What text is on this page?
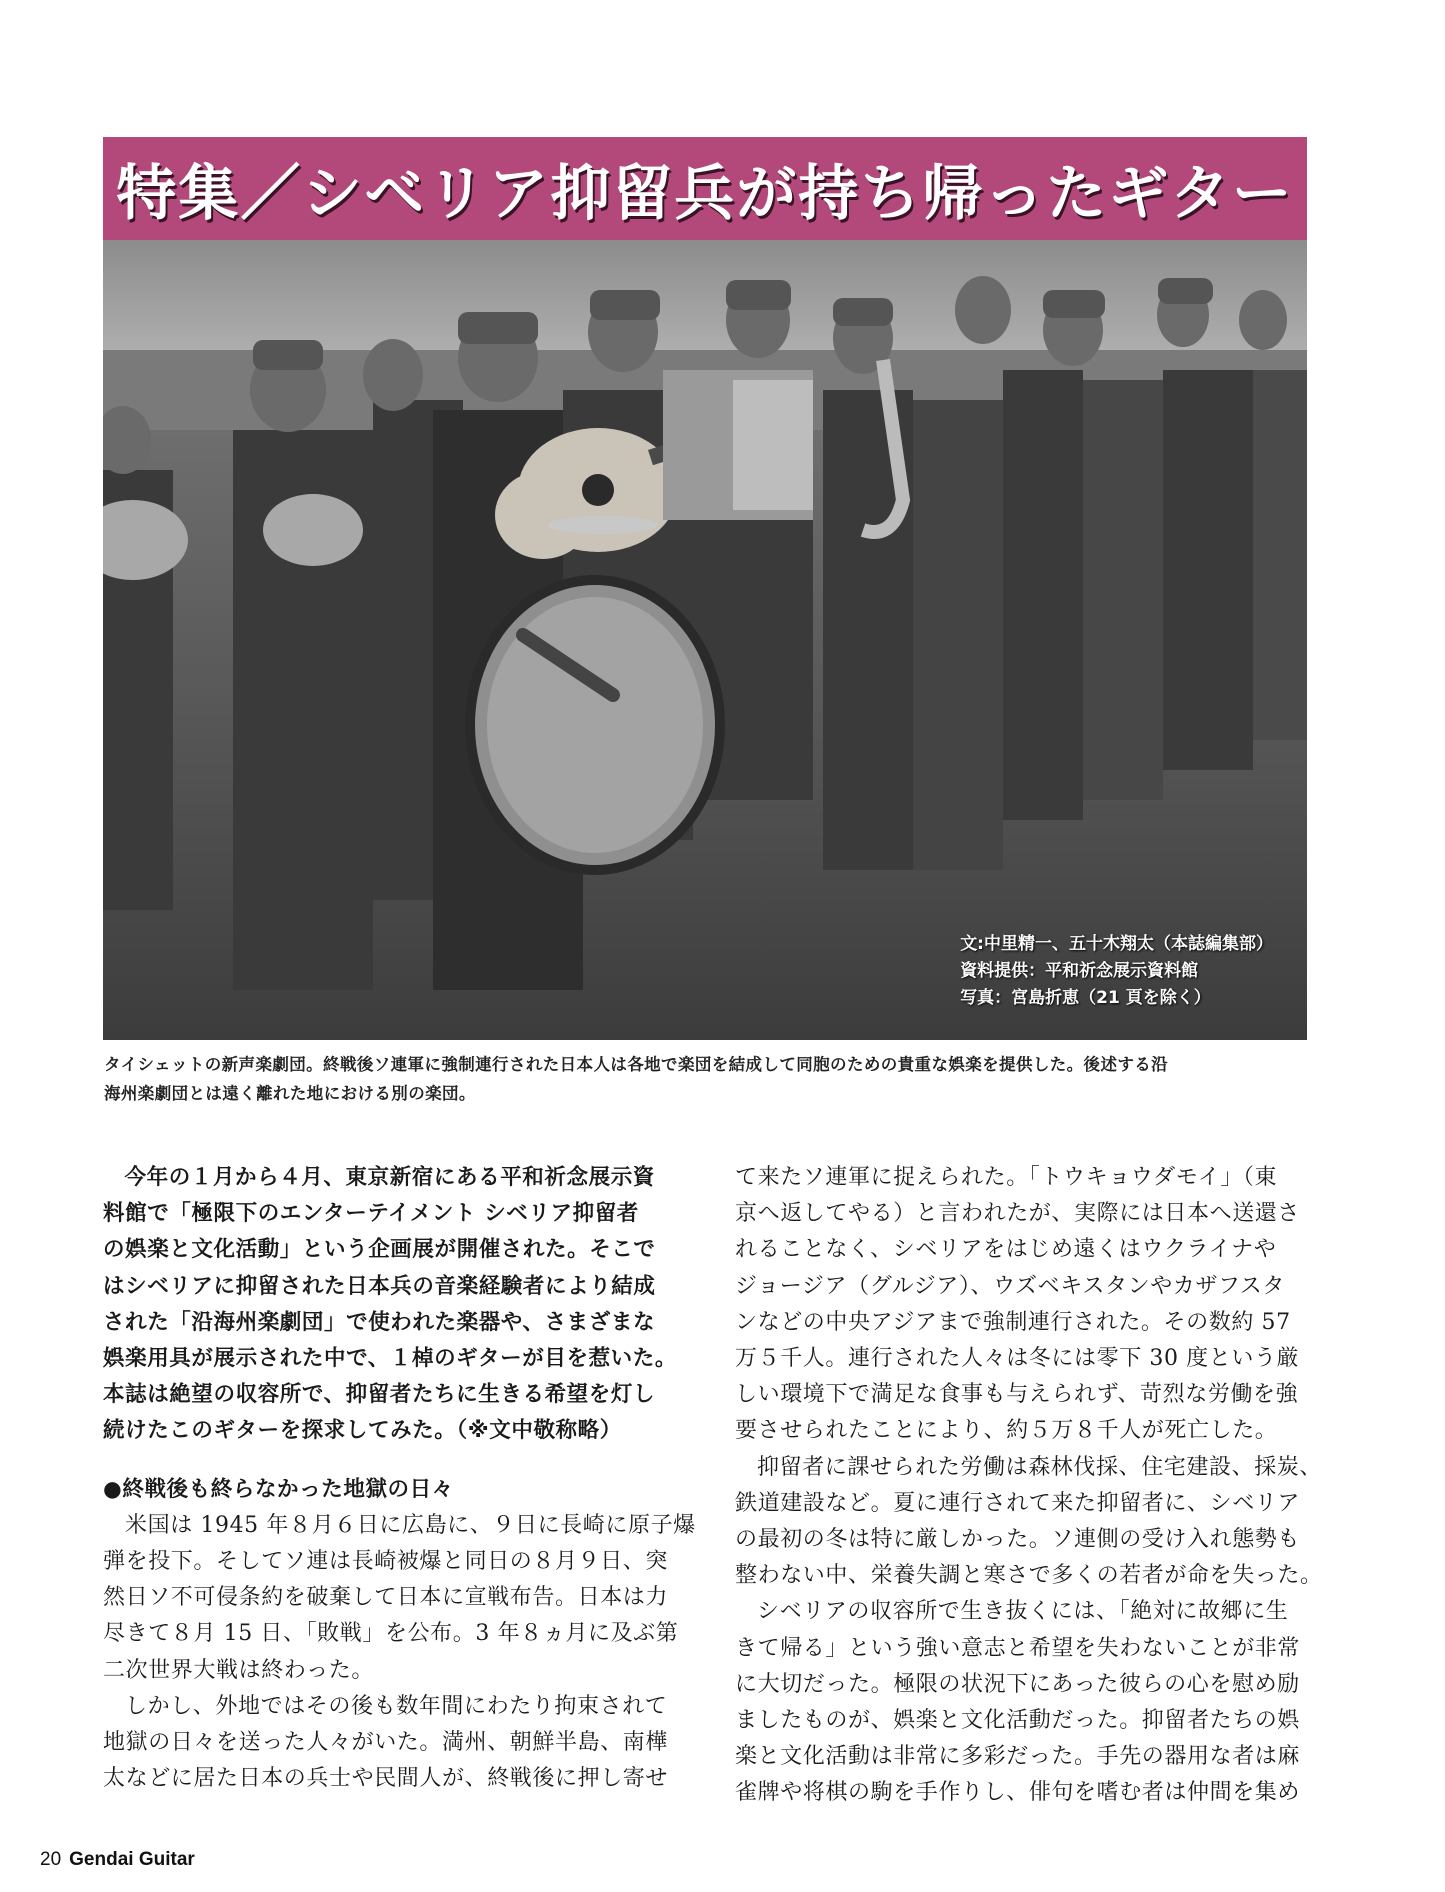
特集／シベリア抑留兵が持ち帰ったギター
文:中里精一、五十木翔太（本誌編集部）
資料提供：平和祈念展示資料館
写真：宮島折恵（21 頁を除く）
タイシェットの新声楽劇団。終戦後ソ連軍に強制連行された日本人は各地で楽団を結成して同胞のための貴重な娯楽を提供した。後述する沿
海州楽劇団とは遠く離れた地における別の楽団。
今年の１月から４月、東京新宿にある平和祈念展示資
料館で「極限下のエンターテイメント シベリア抑留者
の娯楽と文化活動」という企画展が開催された。そこで
はシベリアに抑留された日本兵の音楽経験者により結成
された「沿海州楽劇団」で使われた楽器や、さまざまな
娯楽用具が展示された中で、１棹のギターが目を惹いた。
本誌は絶望の収容所で、抑留者たちに生きる希望を灯し
続けたこのギターを探求してみた。（※文中敬称略）
●終戦後も終らなかった地獄の日々
米国は 1945 年８月６日に広島に、９日に長崎に原子爆
弾を投下。そしてソ連は長崎被爆と同日の８月９日、突
然日ソ不可侵条約を破棄して日本に宣戦布告。日本は力
尽きて８月 15 日、「敗戦」を公布。3 年８ヵ月に及ぶ第
二次世界大戦は終わった。
しかし、外地ではその後も数年間にわたり拘束されて
地獄の日々を送った人々がいた。満州、朝鮮半島、南樺
太などに居た日本の兵士や民間人が、終戦後に押し寄せ
て来たソ連軍に捉えられた。「トウキョウダモイ」（東
京へ返してやる）と言われたが、実際には日本へ送還さ
れることなく、シベリアをはじめ遠くはウクライナや
ジョージア（グルジア）、ウズベキスタンやカザフスタ
ンなどの中央アジアまで強制連行された。その数約 57
万５千人。連行された人々は冬には零下 30 度という厳
しい環境下で満足な食事も与えられず、苛烈な労働を強
要させられたことにより、約５万８千人が死亡した。
抑留者に課せられた労働は森林伐採、住宅建設、採炭、
鉄道建設など。夏に連行されて来た抑留者に、シベリア
の最初の冬は特に厳しかった。ソ連側の受け入れ態勢も
整わない中、栄養失調と寒さで多くの若者が命を失った。
シベリアの収容所で生き抜くには、「絶対に故郷に生
きて帰る」という強い意志と希望を失わないことが非常
に大切だった。極限の状況下にあった彼らの心を慰め励
ましたものが、娯楽と文化活動だった。抑留者たちの娯
楽と文化活動は非常に多彩だった。手先の器用な者は麻
雀牌や将棋の駒を手作りし、俳句を嗜む者は仲間を集め
20 Gendai Guitar
